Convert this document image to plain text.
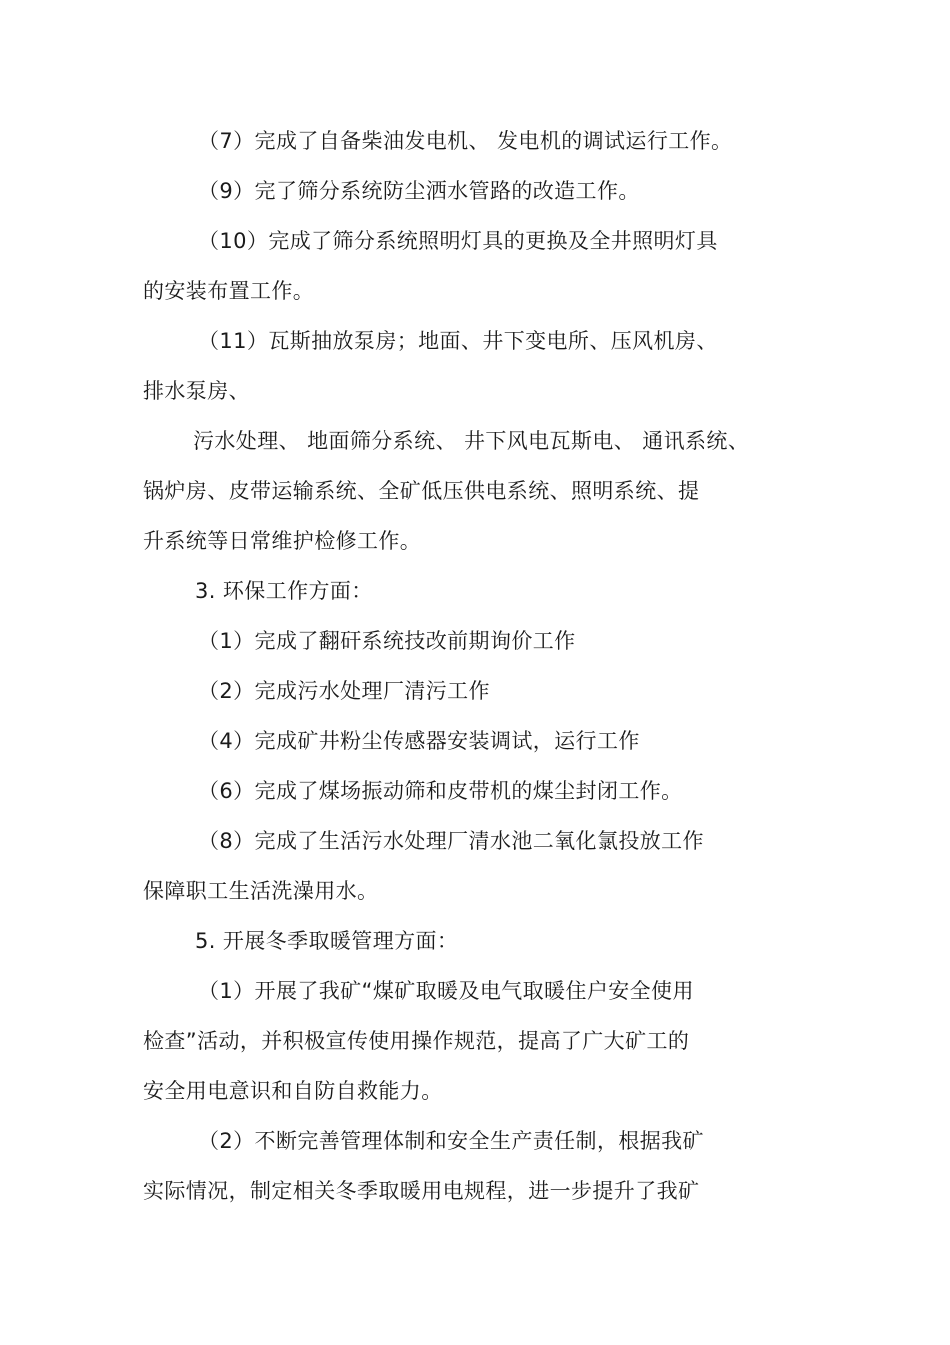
（7）完成了自备柴油发电机、 发电机的调试运行工作。
（9）完了筛分系统防尘洒水管路的改造工作。
（10）完成了筛分系统照明灯具的更换及全井照明灯具
的安装布置工作。
（11）瓦斯抽放泵房；地面、井下变电所、压风机房、
排水泵房、
污水处理、 地面筛分系统、 井下风电瓦斯电、 通讯系统、
锅炉房、皮带运输系统、全矿低压供电系统、照明系统、提
升系统等日常维护检修工作。
3. 环保工作方面：
（1）完成了翻矸系统技改前期询价工作
（2）完成污水处理厂清污工作
（4）完成矿井粉尘传感器安装调试，运行工作
（6）完成了煤场振动筛和皮带机的煤尘封闭工作。
（8）完成了生活污水处理厂清水池二氧化氯投放工作
保障职工生活洗澡用水。
5. 开展冬季取暖管理方面：
（1）开展了我矿“煤矿取暖及电气取暖住户安全使用
检查”活动，并积极宣传使用操作规范，提高了广大矿工的
安全用电意识和自防自救能力。
（2）不断完善管理体制和安全生产责任制，根据我矿
实际情况，制定相关冬季取暖用电规程，进一步提升了我矿
